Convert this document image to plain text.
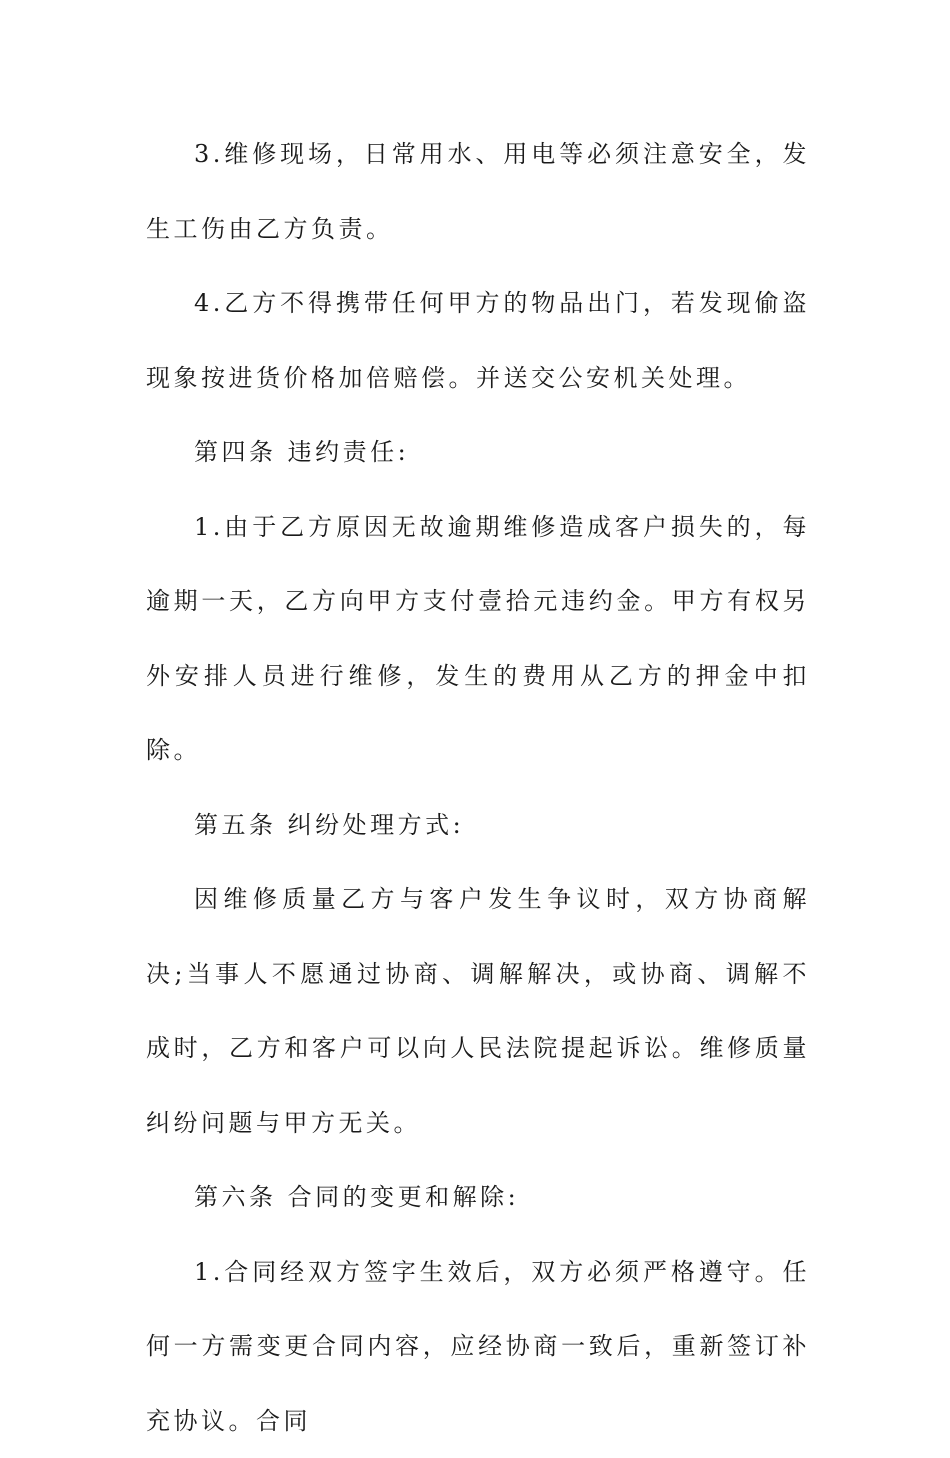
3.维修现场，日常用水、用电等必须注意安全，发生工伤由乙方负责。

4.乙方不得携带任何甲方的物品出门，若发现偷盗现象按进货价格加倍赔偿。并送交公安机关处理。

第四条 违约责任:

1.由于乙方原因无故逾期维修造成客户损失的，每逾期一天，乙方向甲方支付壹拾元违约金。甲方有权另外安排人员进行维修，发生的费用从乙方的押金中扣除。

第五条 纠纷处理方式:

因维修质量乙方与客户发生争议时，双方协商解决;当事人不愿通过协商、调解解决，或协商、调解不成时，乙方和客户可以向人民法院提起诉讼。维修质量纠纷问题与甲方无关。

第六条 合同的变更和解除:

1.合同经双方签字生效后，双方必须严格遵守。任何一方需变更合同内容，应经协商一致后，重新签订补充协议。合同
